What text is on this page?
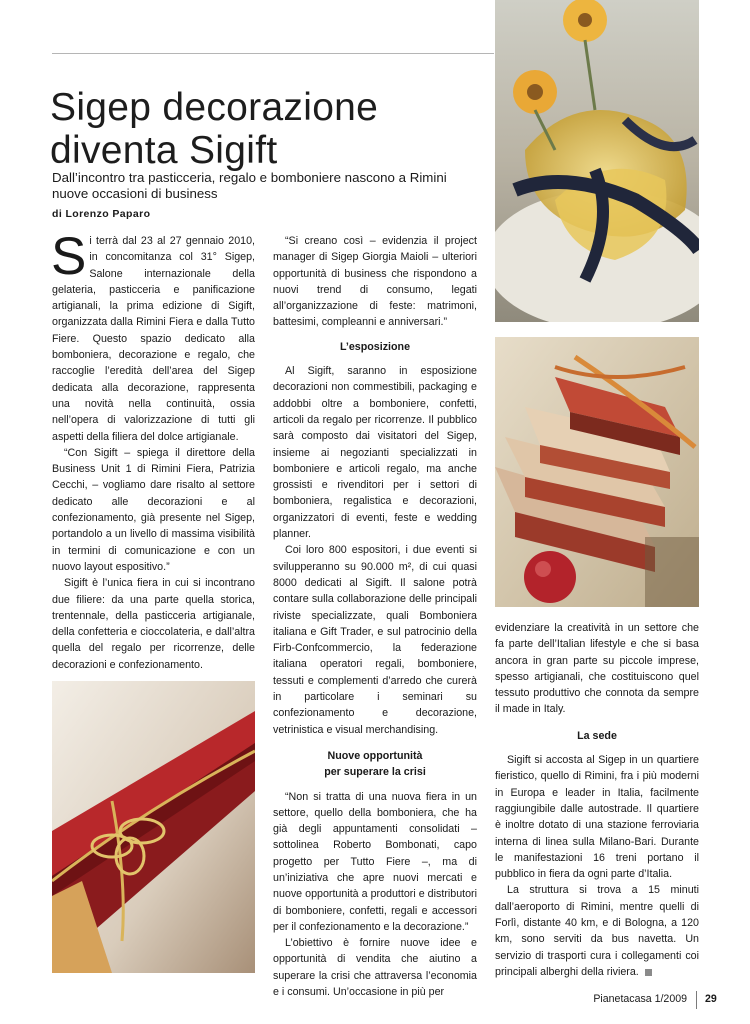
Sigep decorazione
diventa Sigift

Dall’incontro tra pasticceria, regalo e bomboniere nascono a Rimini
nuove occasioni di business

di Lorenzo Paparo

Si terrà dal 23 al 27 gennaio 2010, in concomitanza col 31° Sigep, Salone internazionale della gelateria, pasticceria e panificazione artigianali, la prima edizione di Sigift, organizzata dalla Rimini Fiera e dalla Tutto Fiere. Questo spazio dedicato alla bomboniera, decorazione e regalo, che raccoglie l’eredità dell’area del Sigep dedicata alla decorazione, rappresenta una novità nella continuità, ossia nell’opera di valorizzazione di tutti gli aspetti della filiera del dolce artigianale.

“Con Sigift – spiega il direttore della Business Unit 1 di Rimini Fiera, Patrizia Cecchi, – vogliamo dare risalto al settore dedicato alle decorazioni e al confezionamento, già presente nel Sigep, portandolo a un livello di massima visibilità in termini di comunicazione e con un nuovo layout espositivo.”

Sigift è l’unica fiera in cui si incontrano due filiere: da una parte quella storica, trentennale, della pasticceria artigianale, della confetteria e cioccolateria, e dall’altra quella del regalo per ricorrenze, delle decorazioni e confezionamento.

“Si creano così – evidenzia il project manager di Sigep Giorgia Maioli – ulteriori opportunità di business che rispondono a nuovi trend di consumo, legati all’organizzazione di feste: matrimoni, battesimi, compleanni e anniversari.”

L’esposizione

Al Sigift, saranno in esposizione decorazioni non commestibili, packaging e addobbi oltre a bomboniere, confetti, articoli da regalo per ricorrenze. Il pubblico sarà composto dai visitatori del Sigep, insieme ai negozianti specializzati in bomboniere e articoli regalo, ma anche grossisti e rivenditori per i settori di bomboniera, regalistica e decorazioni, organizzatori di eventi, feste e wedding planner.

Coi loro 800 espositori, i due eventi si svilupperanno su 90.000 m², di cui quasi 8000 dedicati al Sigift. Il salone potrà contare sulla collaborazione delle principali riviste specializzate, quali Bomboniera italiana e Gift Trader, e sul patrocinio della Firb-Confcommercio, la federazione italiana operatori regali, bomboniere, tessuti e complementi d’arredo che curerà in particolare i seminari su confezionamento e decorazione, vetrinistica e visual merchandising.

Nuove opportunità
per superare la crisi

“Non si tratta di una nuova fiera in un settore, quello della bomboniera, che ha già degli appuntamenti consolidati – sottolinea Roberto Bombonati, capo progetto per Tutto Fiere –, ma di un’iniziativa che apre nuovi mercati e nuove opportunità a produttori e distributori di bomboniere, confetti, regali e accessori per il confezionamento e la decorazione.”

L’obiettivo è fornire nuove idee e opportunità di vendita che aiutino a superare la crisi che attraversa l’economia e i consumi. Un’occasione in più per

evidenziare la creatività in un settore che fa parte dell’Italian lifestyle e che si basa ancora in gran parte su piccole imprese, spesso artigianali, che costituiscono quel tessuto produttivo che connota da sempre il made in Italy.

La sede

Sigift si accosta al Sigep in un quartiere fieristico, quello di Rimini, fra i più moderni in Europa e leader in Italia, facilmente raggiungibile dalle autostrade. Il quartiere è inoltre dotato di una stazione ferroviaria interna di linea sulla Milano-Bari. Durante le manifestazioni 16 treni portano il pubblico in fiera da ogni parte d’Italia.

La struttura si trova a 15 minuti dall’aeroporto di Rimini, mentre quelli di Forlì, distante 40 km, e di Bologna, a 120 km, sono serviti da bus navetta. Un servizio di trasporti cura i collegamenti coi principali alberghi della riviera.

Pianetacasa 1/2009 29
